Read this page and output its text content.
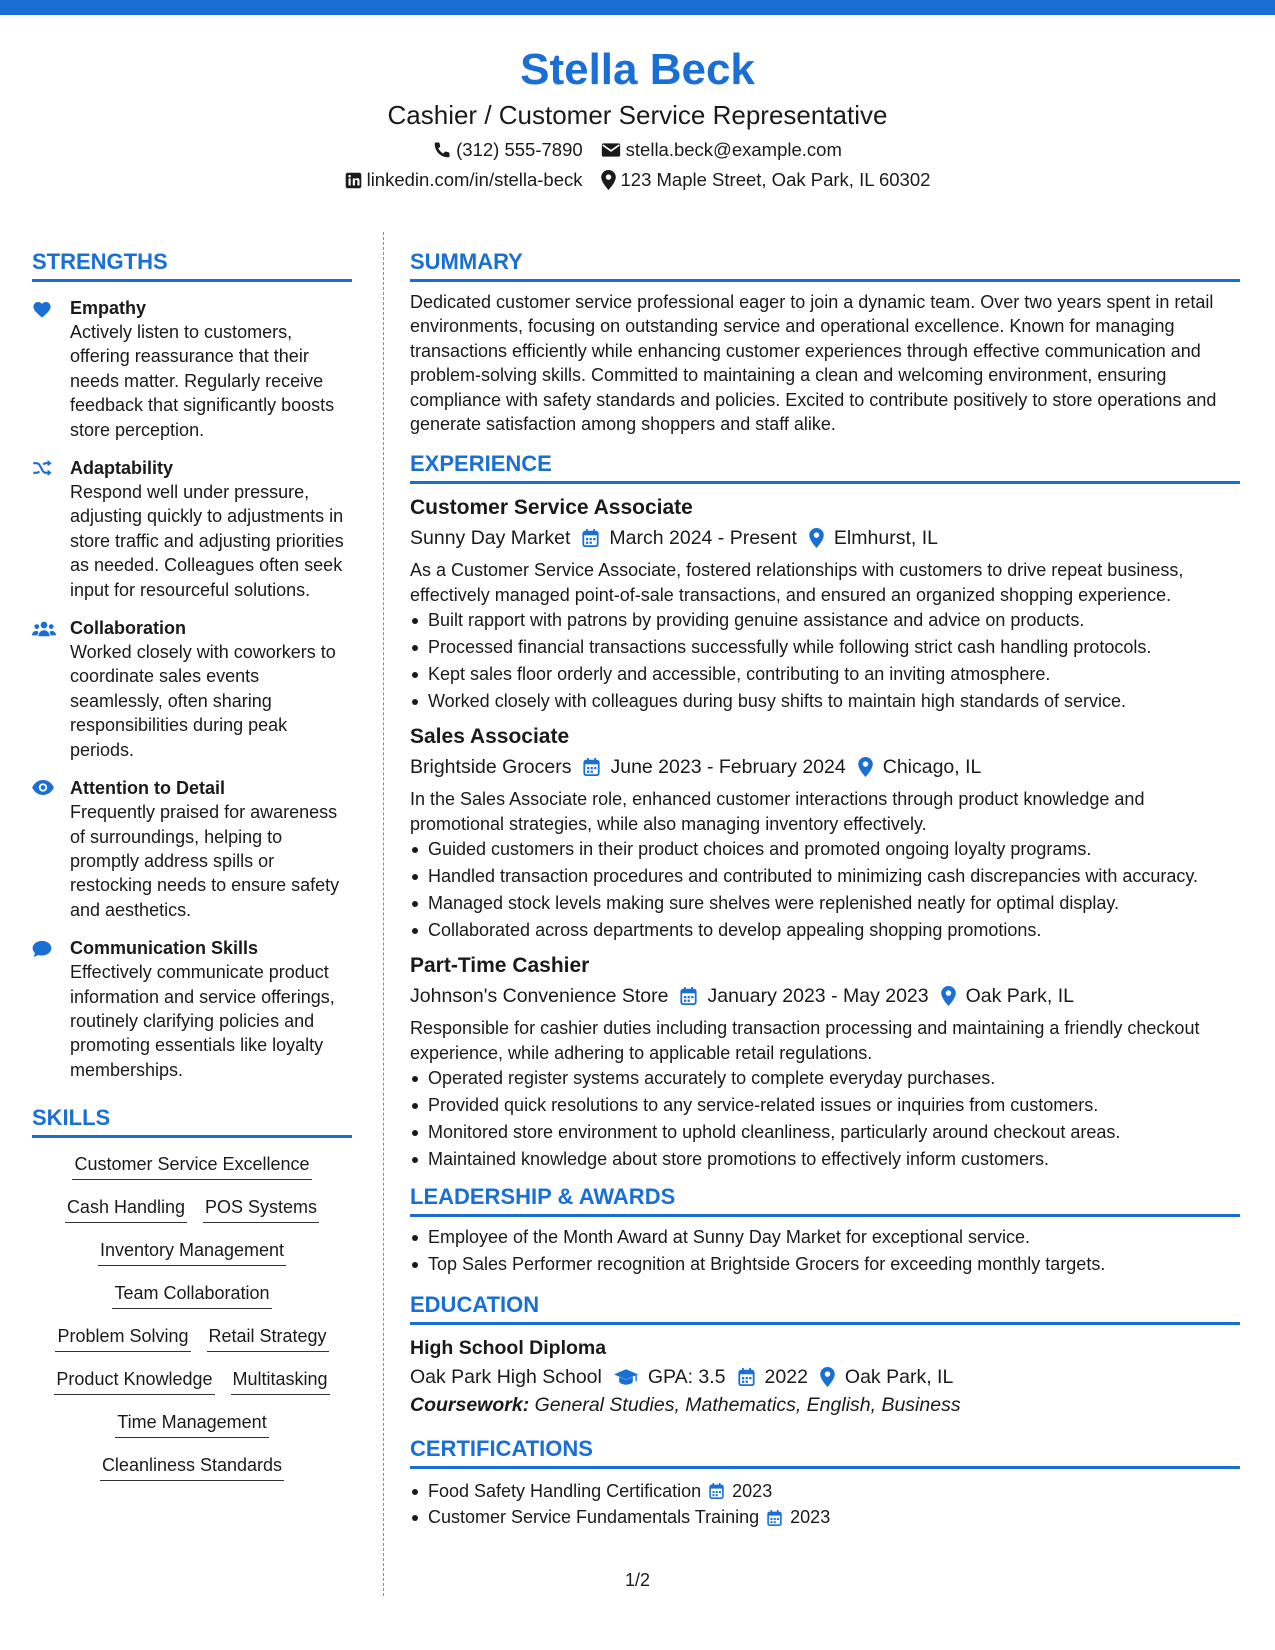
Stella Beck
Cashier / Customer Service Representative
(312) 555-7890 stella.beck@example.com
linkedin.com/in/stella-beck 123 Maple Street, Oak Park, IL 60302
STRENGTHS
Empathy
Actively listen to customers, offering reassurance that their needs matter. Regularly receive feedback that significantly boosts store perception.
Adaptability
Respond well under pressure, adjusting quickly to adjustments in store traffic and adjusting priorities as needed. Colleagues often seek input for resourceful solutions.
Collaboration
Worked closely with coworkers to coordinate sales events seamlessly, often sharing responsibilities during peak periods.
Attention to Detail
Frequently praised for awareness of surroundings, helping to promptly address spills or restocking needs to ensure safety and aesthetics.
Communication Skills
Effectively communicate product information and service offerings, routinely clarifying policies and promoting essentials like loyalty memberships.
SKILLS
Customer Service Excellence
Cash Handling POS Systems
Inventory Management
Team Collaboration
Problem Solving Retail Strategy
Product Knowledge Multitasking
Time Management
Cleanliness Standards
SUMMARY
Dedicated customer service professional eager to join a dynamic team. Over two years spent in retail environments, focusing on outstanding service and operational excellence. Known for managing transactions efficiently while enhancing customer experiences through effective communication and problem-solving skills. Committed to maintaining a clean and welcoming environment, ensuring compliance with safety standards and policies. Excited to contribute positively to store operations and generate satisfaction among shoppers and staff alike.
EXPERIENCE
Customer Service Associate
Sunny Day Market March 2024 - Present Elmhurst, IL
As a Customer Service Associate, fostered relationships with customers to drive repeat business, effectively managed point-of-sale transactions, and ensured an organized shopping experience.
Built rapport with patrons by providing genuine assistance and advice on products.
Processed financial transactions successfully while following strict cash handling protocols.
Kept sales floor orderly and accessible, contributing to an inviting atmosphere.
Worked closely with colleagues during busy shifts to maintain high standards of service.
Sales Associate
Brightside Grocers June 2023 - February 2024 Chicago, IL
In the Sales Associate role, enhanced customer interactions through product knowledge and promotional strategies, while also managing inventory effectively.
Guided customers in their product choices and promoted ongoing loyalty programs.
Handled transaction procedures and contributed to minimizing cash discrepancies with accuracy.
Managed stock levels making sure shelves were replenished neatly for optimal display.
Collaborated across departments to develop appealing shopping promotions.
Part-Time Cashier
Johnson's Convenience Store January 2023 - May 2023 Oak Park, IL
Responsible for cashier duties including transaction processing and maintaining a friendly checkout experience, while adhering to applicable retail regulations.
Operated register systems accurately to complete everyday purchases.
Provided quick resolutions to any service-related issues or inquiries from customers.
Monitored store environment to uphold cleanliness, particularly around checkout areas.
Maintained knowledge about store promotions to effectively inform customers.
LEADERSHIP & AWARDS
Employee of the Month Award at Sunny Day Market for exceptional service.
Top Sales Performer recognition at Brightside Grocers for exceeding monthly targets.
EDUCATION
High School Diploma
Oak Park High School GPA: 3.5 2022 Oak Park, IL
Coursework: General Studies, Mathematics, English, Business
CERTIFICATIONS
Food Safety Handling Certification 2023
Customer Service Fundamentals Training 2023
1/2
